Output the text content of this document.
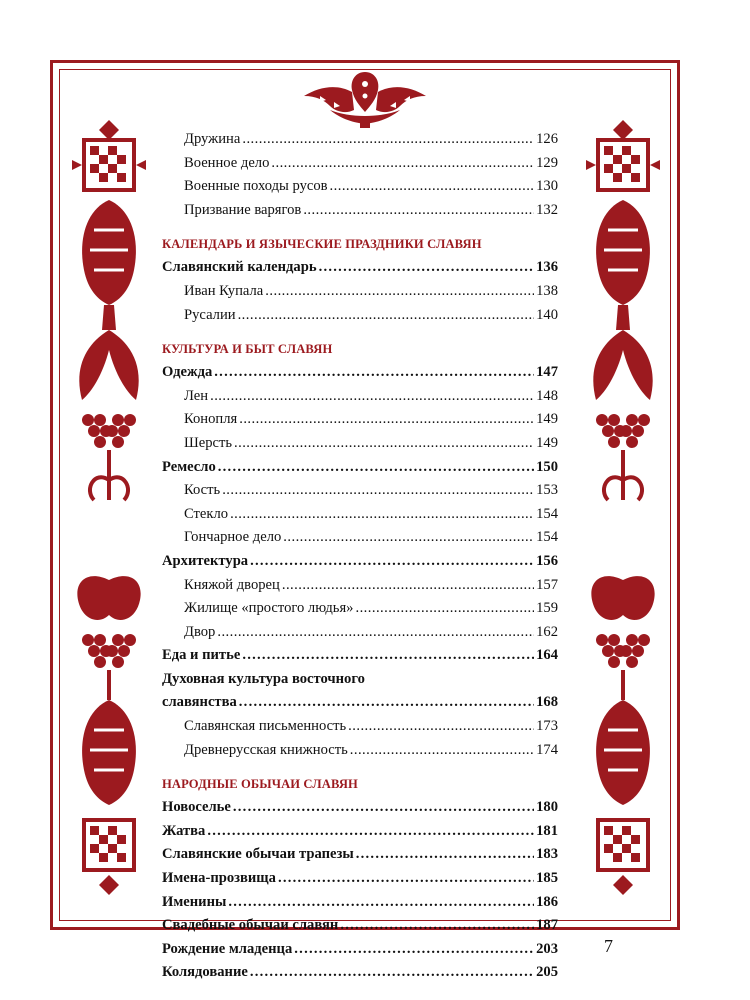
Дружина . . .	126
Военное дело . . .	129
Военные походы русов . . .	130
Призвание варягов . . .	132
КАЛЕНДАРЬ И ЯЗЫЧЕСКИЕ ПРАЗДНИКИ СЛАВЯН
Славянский календарь . . .	136
Иван Купала . . .	138
Русалии . . .	140
КУЛЬТУРА И БЫТ СЛАВЯН
Одежда . . .	147
Лен . . .	148
Конопля . . .	149
Шерсть . . .	149
Ремесло . . .	150
Кость . . .	153
Стекло . . .	154
Гончарное дело . . .	154
Архитектура . . .	156
Княжой дворец . . .	157
Жилище «простого людья» . . .	159
Двор . . .	162
Еда и питье . . .	164
Духовная культура восточного
славянства . . .	168
Славянская письменность . . .	173
Древнерусская книжность . . .	174
НАРОДНЫЕ ОБЫЧАИ СЛАВЯН
Новоселье . . .	180
Жатва . . .	181
Славянские обычаи трапезы . . .	183
Имена-прозвища . . .	185
Именины . . .	186
Свадебные обычаи славян . . .	187
Рождение младенца . . .	203
Колядование . . .	205
7
